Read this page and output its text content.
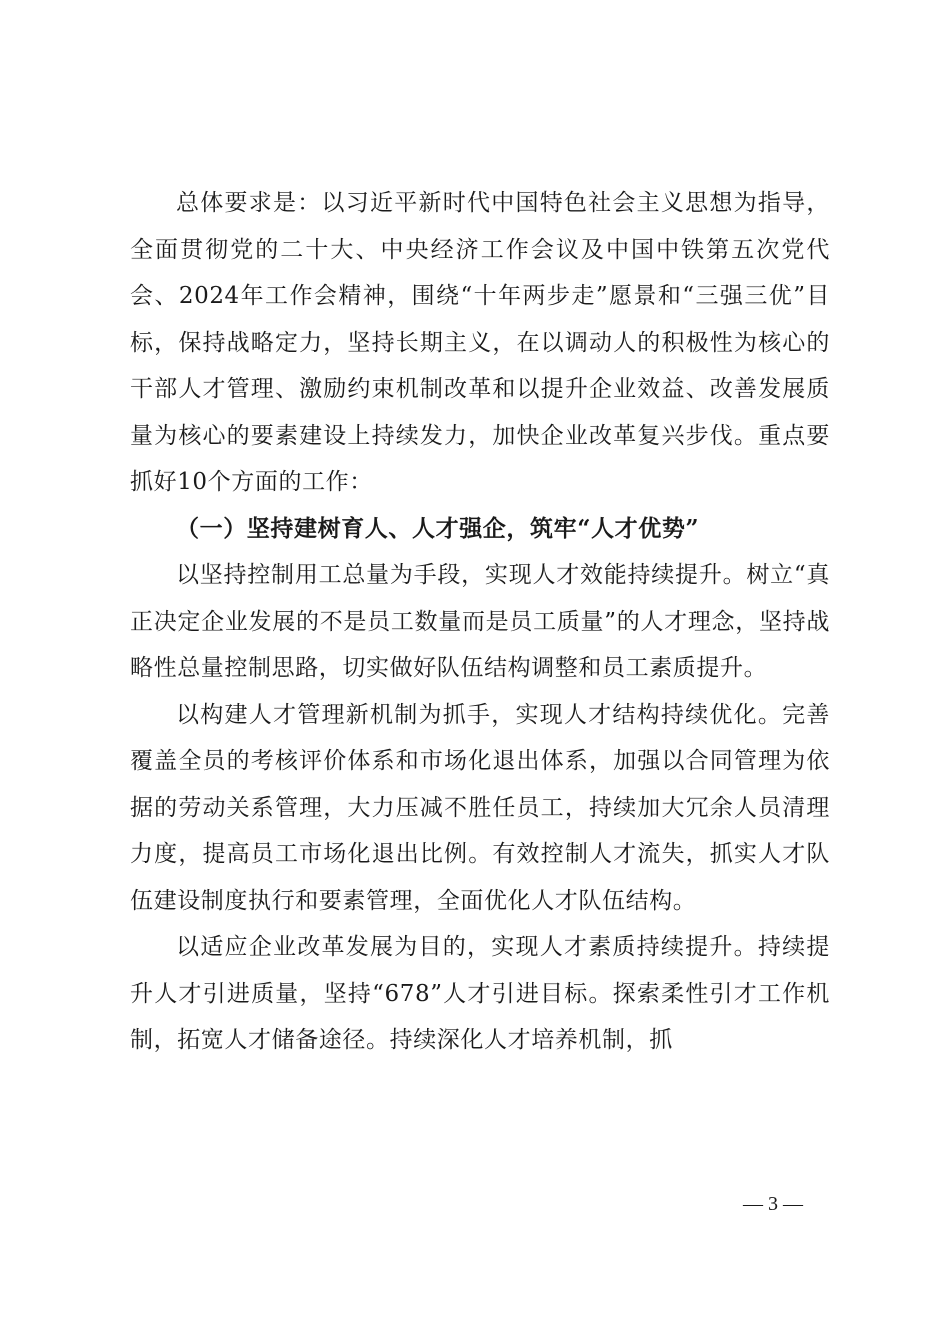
总体要求是：以习近平新时代中国特色社会主义思想为指导，全面贯彻党的二十大、中央经济工作会议及中国中铁第五次党代会、2024年工作会精神，围绕“十年两步走”愿景和“三强三优”目标，保持战略定力，坚持长期主义，在以调动人的积极性为核心的干部人才管理、激励约束机制改革和以提升企业效益、改善发展质量为核心的要素建设上持续发力，加快企业改革复兴步伐。重点要抓好10个方面的工作：

（一）坚持建树育人、人才强企，筑牢“人才优势”

以坚持控制用工总量为手段，实现人才效能持续提升。树立“真正决定企业发展的不是员工数量而是员工质量”的人才理念，坚持战略性总量控制思路，切实做好队伍结构调整和员工素质提升。

以构建人才管理新机制为抓手，实现人才结构持续优化。完善覆盖全员的考核评价体系和市场化退出体系，加强以合同管理为依据的劳动关系管理，大力压减不胜任员工，持续加大冗余人员清理力度，提高员工市场化退出比例。有效控制人才流失，抓实人才队伍建设制度执行和要素管理，全面优化人才队伍结构。

以适应企业改革发展为目的，实现人才素质持续提升。持续提升人才引进质量，坚持“678”人才引进目标。探索柔性引才工作机制，拓宽人才储备途径。持续深化人才培养机制，抓

— 3 —
